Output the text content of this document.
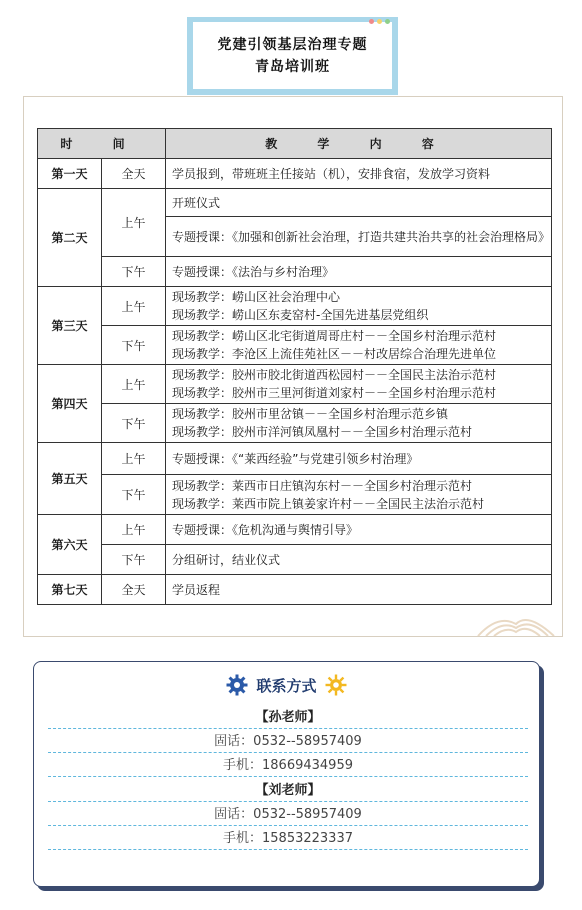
党建引领基层治理专题
青岛培训班
时 间		教 学 内 容
第一天	全天	学员报到，带班班主任接站（机），安排食宿，发放学习资料

第二天	上午	开班仪式

		专题授课：《加强和创新社会治理，打造共建共治共享的社会治理格局》

	下午	专题授课：《法治与乡村治理》

第三天	上午	现场教学：崂山区社会治理中心
现场教学：崂山区东麦窑村-全国先进基层党组织

	下午	现场教学：崂山区北宅街道周哥庄村－－全国乡村治理示范村
现场教学：李沧区上流佳苑社区－－村改居综合治理先进单位

第四天	上午	现场教学：胶州市胶北街道西松园村－－全国民主法治示范村
现场教学：胶州市三里河街道刘家村－－全国乡村治理示范村

	下午	现场教学：胶州市里岔镇－－全国乡村治理示范乡镇
现场教学：胶州市洋河镇凤凰村－－全国乡村治理示范村

第五天	上午	专题授课：《“莱西经验”与党建引领乡村治理》

	下午	现场教学：莱西市日庄镇沟东村－－全国乡村治理示范村
现场教学：莱西市院上镇姜家许村－－全国民主法治示范村

第六天	上午	专题授课：《危机沟通与舆情引导》

	下午	分组研讨，结业仪式

第七天	全天	学员返程
联系方式
【孙老师】
固话：0532--58957409
手机：18669434959
【刘老师】
固话：0532--58957409
手机：15853223337
